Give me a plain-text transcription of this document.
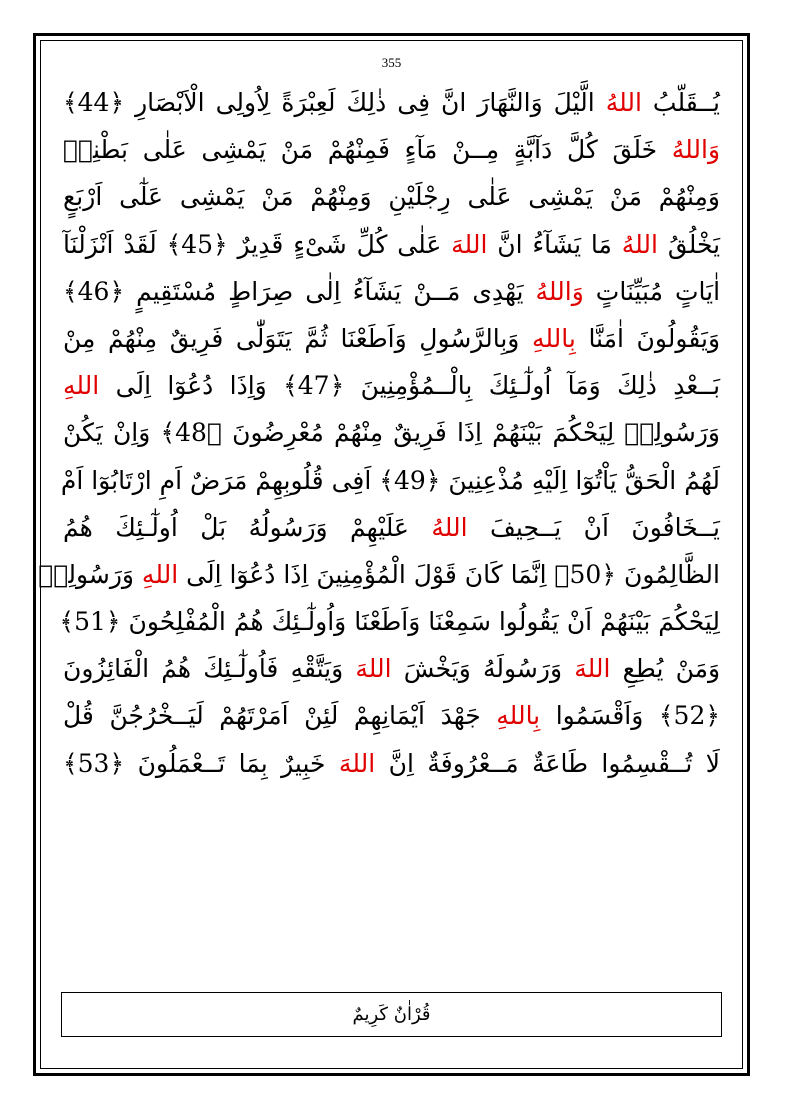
355
يُــقَلّبُ اللهُ الَّيْلَ وَالنَّهَارَ انَّ فِى ذٰلِكَ لَعِبْرَةً لِاُولِى الْاَبْصَارِ ﴿44﴾
وَاللهُ خَلَقَ كُلَّ دَآبَّةٍ مِــنْ مَآءٍ فَمِنْهُمْ مَنْ يَمْشِى عَلٰى بَطْنِهٖ
وَمِنْهُمْ مَنْ يَمْشِى عَلٰى رِجْلَيْنِ وَمِنْهُمْ مَنْ يَمْشِى عَلٰٓى اَرْبَعٍ
يَخْلُقُ اللهُ مَا يَشَآءُ انَّ اللهَ عَلٰى كُلِّ شَىْءٍ قَدِيرٌ ﴿45﴾ لَقَدْ اَنْزَلْنَآ
اٰيَاتٍ مُبَيِّنَاتٍ وَاللهُ يَهْدِى مَــنْ يَشَآءُ اِلٰى صِرَاطٍ مُسْتَقِيمٍ ﴿46﴾
وَيَقُولُونَ اٰمَنَّا بِاللهِ وَبِالرَّسُولِ وَاَطَعْنَا ثُمَّ يَتَوَلّٰى فَرِيقٌ مِنْهُمْ مِنْ
بَــعْدِ ذٰلِكَ وَمَآ اُولٰٓـئِكَ بِالْــمُؤْمِنِينَ ﴿47﴾ وَاِذَا دُعُوٓا اِلَى اللهِ
وَرَسُولِهٖ لِيَحْكُمَ بَيْنَهُمْ اِذَا فَرِيقٌ مِنْهُمْ مُعْرِضُونَ ﴿48﴾ وَاِنْ يَكُنْ
لَهُمُ الْحَقُّ يَاْتُوٓا اِلَيْهِ مُذْعِنِينَ ﴿49﴾ اَفِى قُلُوبِهِمْ مَرَضٌ اَمِ ارْتَابُوٓا اَمْ
يَــخَافُونَ اَنْ يَــحِيفَ اللهُ عَلَيْهِمْ وَرَسُولُهُ بَلْ اُولٰٓـئِكَ هُمُ
الظَّالِمُونَ ﴿50﴾ اِنَّمَا كَانَ قَوْلَ الْمُؤْمِنِينَ اِذَا دُعُوٓا اِلَى اللهِ وَرَسُولِهٖ
لِيَحْكُمَ بَيْنَهُمْ اَنْ يَقُولُوا سَمِعْنَا وَاَطَعْنَا وَاُولٰٓـئِكَ هُمُ الْمُفْلِحُونَ ﴿51﴾
وَمَنْ يُطِعِ اللهَ وَرَسُولَهُ وَيَخْشَ اللهَ وَيَتَّقْهِ فَاُولٰٓـئِكَ هُمُ الْفَائِزُونَ
﴿52﴾ وَاَقْسَمُوا بِاللهِ جَهْدَ اَيْمَانِهِمْ لَئِنْ اَمَرْتَهُمْ لَيَــخْرُجُنَّ قُلْ
لَا تُــقْسِمُوا طَاعَةٌ مَــعْرُوفَةٌ اِنَّ اللهَ خَبِيرٌ بِمَا تَــعْمَلُونَ ﴿53﴾
قُرْاٰنٌ كَرِيمٌ
